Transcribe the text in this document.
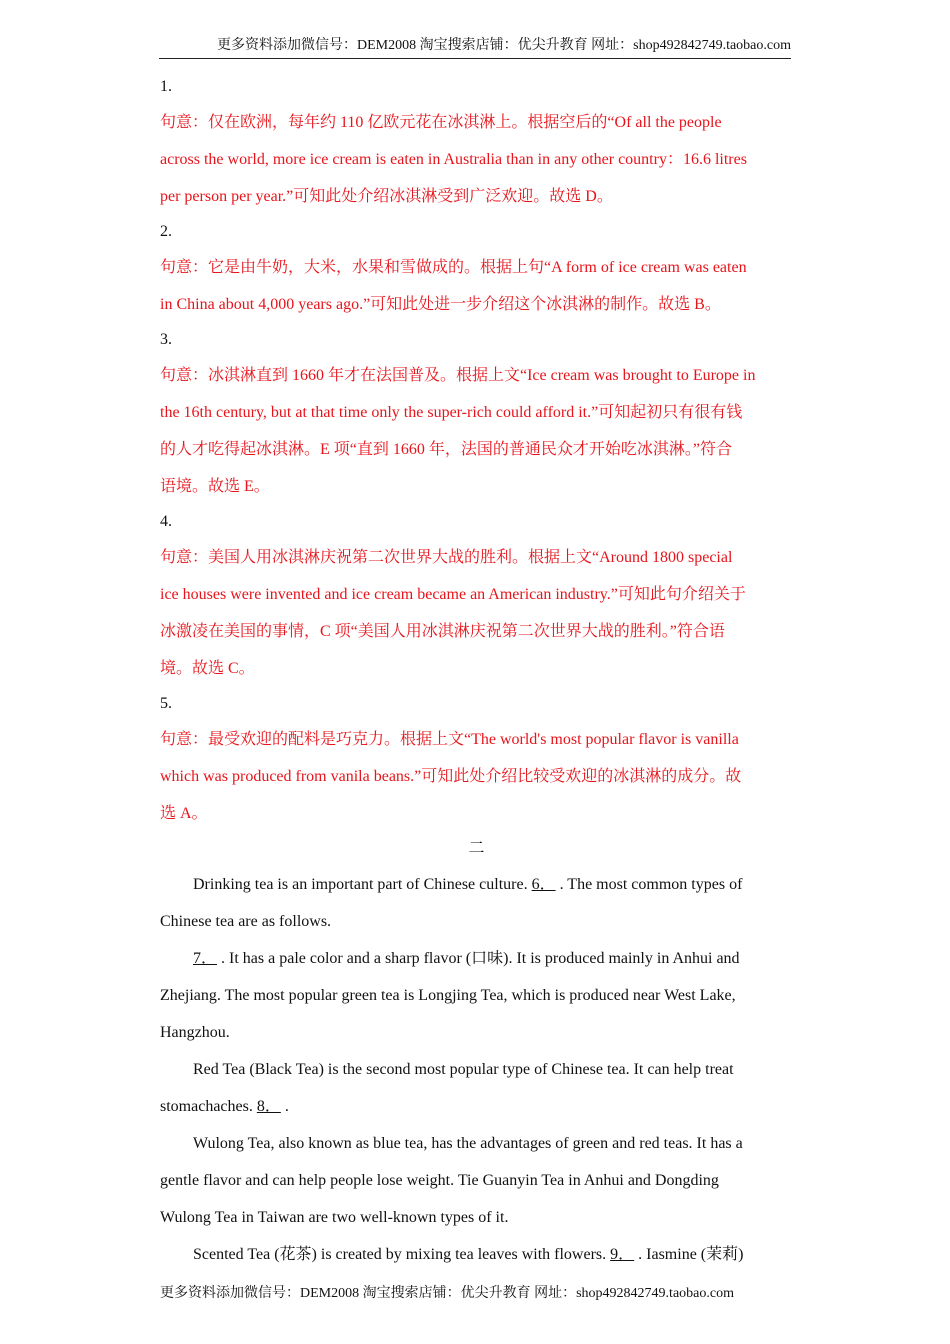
更多资料添加微信号：DEM2008 淘宝搜索店铺：优尖升教育 网址：shop492842749.taobao.com
1.
句意：仅在欧洲，每年约 110 亿欧元花在冰淇淋上。根据空后的“Of all the people
across the world, more ice cream is eaten in Australia than in any other country：16.6 litres
per person per year.”可知此处介绍冰淇淋受到广泛欢迎。故选 D。
2.
句意：它是由牛奶，大米，水果和雪做成的。根据上句“A form of ice cream was eaten
in China about 4,000 years ago.”可知此处进一步介绍这个冰淇淋的制作。故选 B。
3.
句意：冰淇淋直到 1660 年才在法国普及。根据上文“Ice cream was brought to Europe in
the 16th century, but at that time only the super-rich could afford it.”可知起初只有很有钱
的人才吃得起冰淇淋。E 项“直到 1660 年，法国的普通民众才开始吃冰淇淋。”符合
语境。故选 E。
4.
句意：美国人用冰淇淋庆祝第二次世界大战的胜利。根据上文“Around 1800 special
ice houses were invented and ice cream became an American industry.”可知此句介绍关于
冰激凌在美国的事情，C 项“美国人用冰淇淋庆祝第二次世界大战的胜利。”符合语
境。故选 C。
5.
句意：最受欢迎的配料是巧克力。根据上文“The world's most popular flavor is vanilla
which was produced from vanila beans.”可知此处介绍比较受欢迎的冰淇淋的成分。故
选 A。
二
Drinking tea is an important part of Chinese culture. 6． . The most common types of
Chinese tea are as follows.
7． . It has a pale color and a sharp flavor (口味). It is produced mainly in Anhui and
Zhejiang. The most popular green tea is Longjing Tea, which is produced near West Lake,
Hangzhou.
Red Tea (Black Tea) is the second most popular type of Chinese tea. It can help treat
stomachaches. 8． .
Wulong Tea, also known as blue tea, has the advantages of green and red teas. It has a
gentle flavor and can help people lose weight. Tie Guanyin Tea in Anhui and Dongding
Wulong Tea in Taiwan are two well-known types of it.
Scented Tea (花茶) is created by mixing tea leaves with flowers. 9． . Iasmine (茉莉)
更多资料添加微信号：DEM2008 淘宝搜索店铺：优尖升教育 网址：shop492842749.taobao.com
